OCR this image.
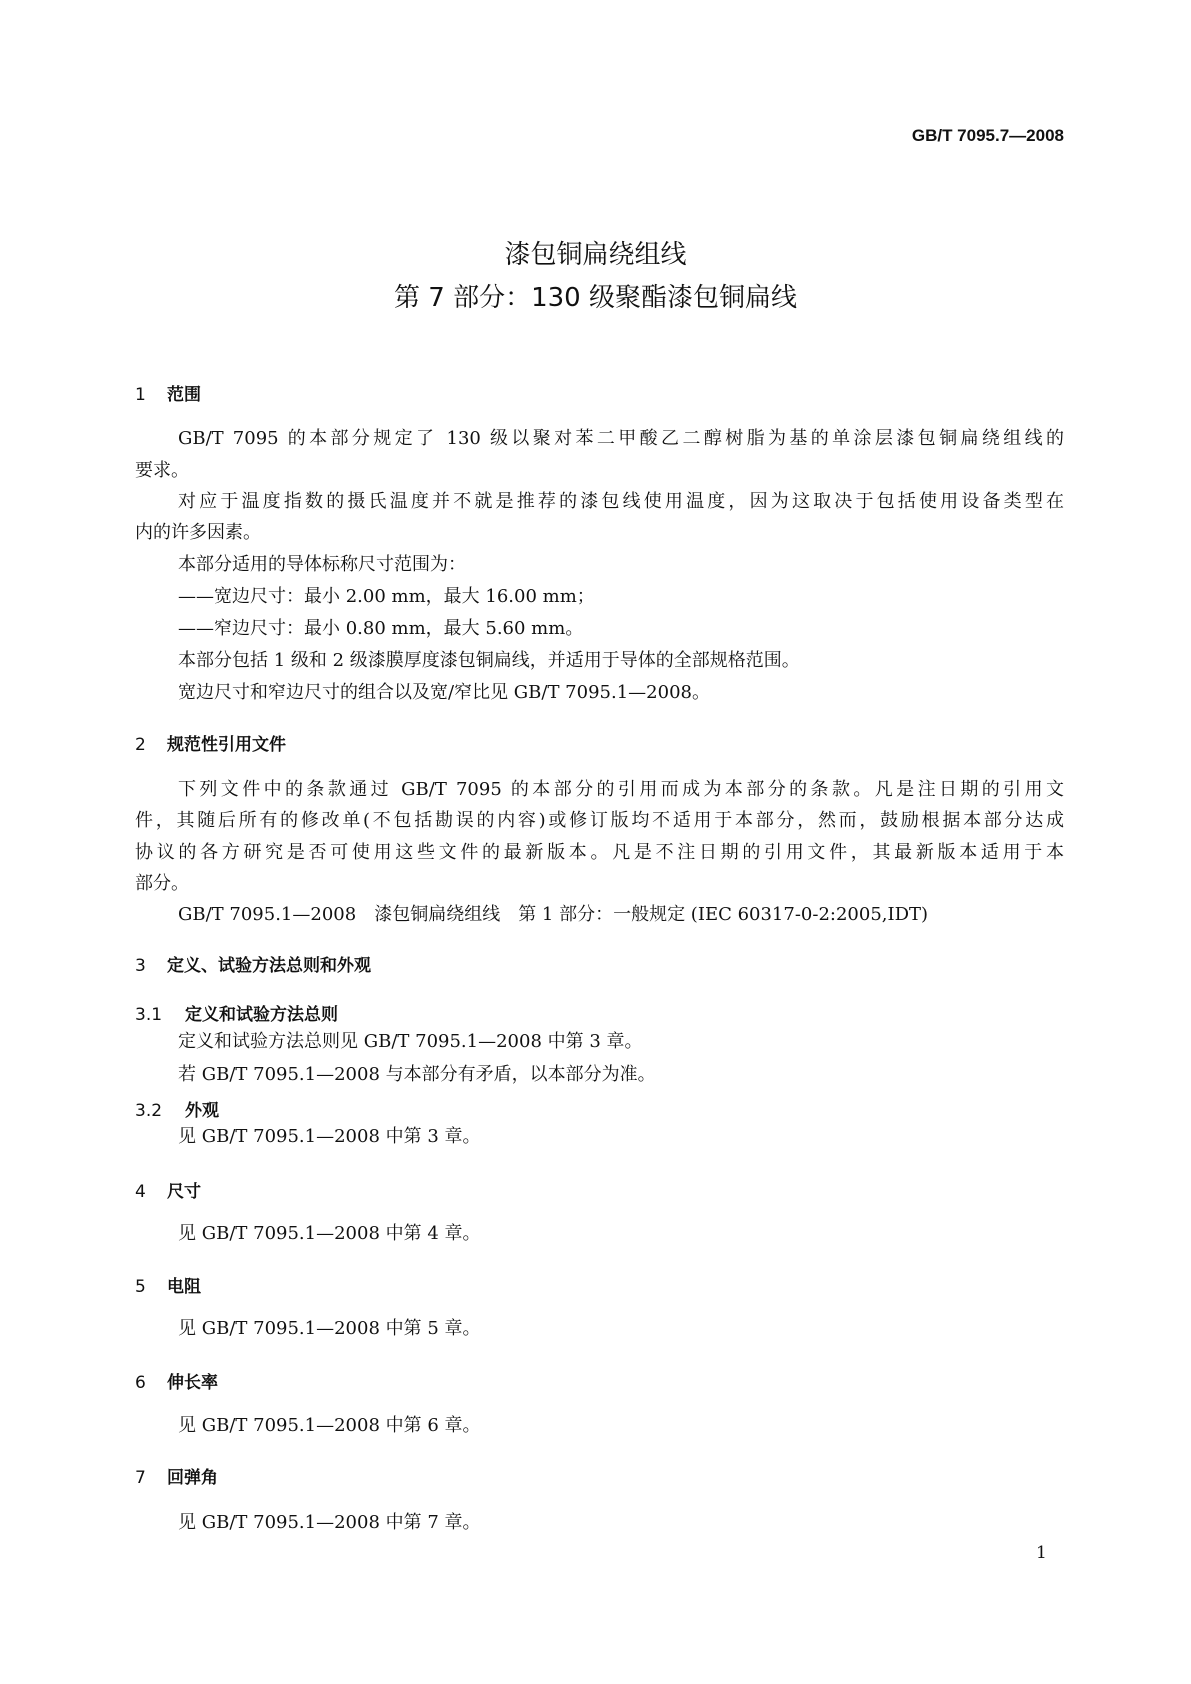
GB/T 7095.7—2008
漆包铜扁绕组线
第 7 部分：130 级聚酯漆包铜扁线
1 范围
GB/T 7095 的本部分规定了 130 级以聚对苯二甲酸乙二醇树脂为基的单涂层漆包铜扁绕组线的
要求。
对应于温度指数的摄氏温度并不就是推荐的漆包线使用温度，因为这取决于包括使用设备类型在
内的许多因素。
本部分适用的导体标称尺寸范围为：
——宽边尺寸：最小 2.00 mm，最大 16.00 mm；
——窄边尺寸：最小 0.80 mm，最大 5.60 mm。
本部分包括 1 级和 2 级漆膜厚度漆包铜扁线，并适用于导体的全部规格范围。
宽边尺寸和窄边尺寸的组合以及宽/窄比见 GB/T 7095.1—2008。
2 规范性引用文件
下列文件中的条款通过 GB/T 7095 的本部分的引用而成为本部分的条款。凡是注日期的引用文
件，其随后所有的修改单(不包括勘误的内容)或修订版均不适用于本部分，然而，鼓励根据本部分达成
协议的各方研究是否可使用这些文件的最新版本。凡是不注日期的引用文件，其最新版本适用于本
部分。
GB/T 7095.1—2008　漆包铜扁绕组线　第 1 部分：一般规定 (IEC 60317-0-2:2005,IDT)
3 定义、试验方法总则和外观
3.1 定义和试验方法总则
定义和试验方法总则见 GB/T 7095.1—2008 中第 3 章。
若 GB/T 7095.1—2008 与本部分有矛盾，以本部分为准。
3.2 外观
见 GB/T 7095.1—2008 中第 3 章。
4 尺寸
见 GB/T 7095.1—2008 中第 4 章。
5 电阻
见 GB/T 7095.1—2008 中第 5 章。
6 伸长率
见 GB/T 7095.1—2008 中第 6 章。
7 回弹角
见 GB/T 7095.1—2008 中第 7 章。
1
